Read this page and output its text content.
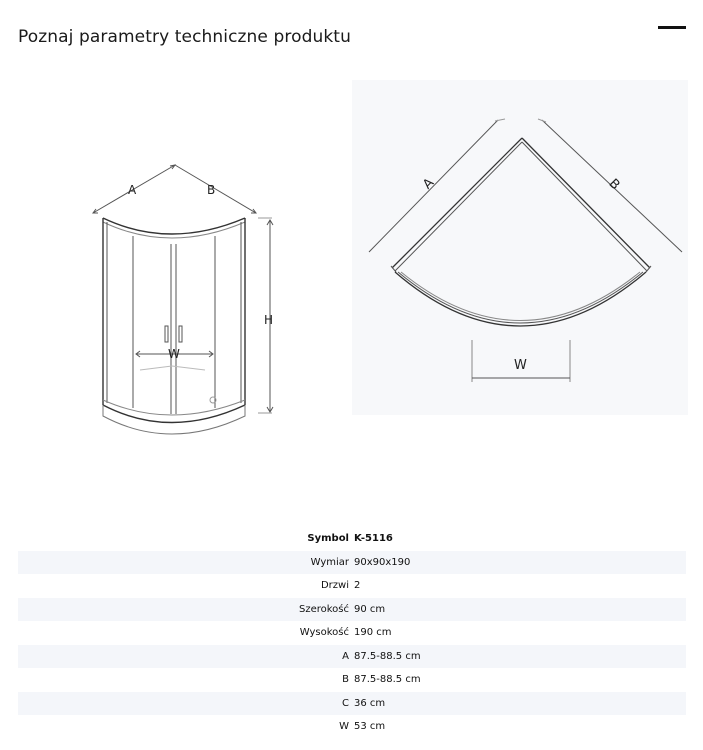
Poznaj parametry techniczne produktu
A	B
H
W
A	B
W
Symbol	K-5116
Wymiar	90x90x190
Drzwi	2
Szerokość	90 cm
Wysokość	190 cm
A	87.5-88.5 cm
B	87.5-88.5 cm
C	36 cm
W	53 cm
